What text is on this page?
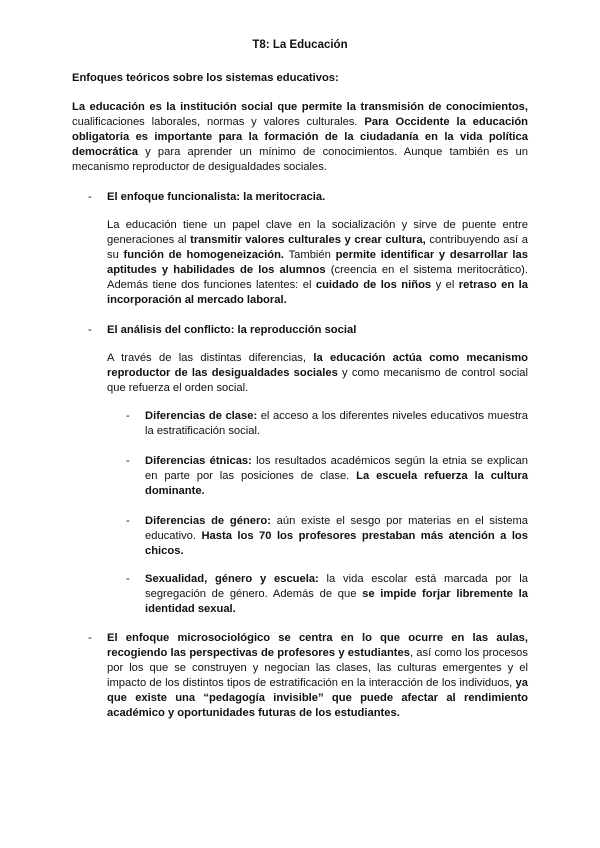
T8: La Educación
Enfoques teóricos sobre los sistemas educativos:
La educación es la institución social que permite la transmisión de conocimientos, cualificaciones laborales, normas y valores culturales. Para Occidente la educación obligatoria es importante para la formación de la ciudadanía en la vida política democrática y para aprender un mínimo de conocimientos. Aunque también es un mecanismo reproductor de desigualdades sociales.
-	El enfoque funcionalista: la meritocracia.
La educación tiene un papel clave en la socialización y sirve de puente entre generaciones al transmitir valores culturales y crear cultura, contribuyendo así a su función de homogeneización. También permite identificar y desarrollar las aptitudes y habilidades de los alumnos (creencia en el sistema meritocrático). Además tiene dos funciones latentes: el cuidado de los niños y el retraso en la incorporación al mercado laboral.
-	El análisis del conflicto: la reproducción social
A través de las distintas diferencias, la educación actúa como mecanismo reproductor de las desigualdades sociales y como mecanismo de control social que refuerza el orden social.
-	Diferencias de clase: el acceso a los diferentes niveles educativos muestra la estratificación social.
-	Diferencias étnicas: los resultados académicos según la etnia se explican en parte por las posiciones de clase. La escuela refuerza la cultura dominante.
-	Diferencias de género: aún existe el sesgo por materias en el sistema educativo. Hasta los 70 los profesores prestaban más atención a los chicos.
-	Sexualidad, género y escuela: la vida escolar está marcada por la segregación de género. Además de que se impide forjar libremente la identidad sexual.
-	El enfoque microsociológico se centra en lo que ocurre en las aulas, recogiendo las perspectivas de profesores y estudiantes, así como los procesos por los que se construyen y negocian las clases, las culturas emergentes y el impacto de los distintos tipos de estratificación en la interacción de los individuos, ya que existe una “pedagogía invisible” que puede afectar al rendimiento académico y oportunidades futuras de los estudiantes.
